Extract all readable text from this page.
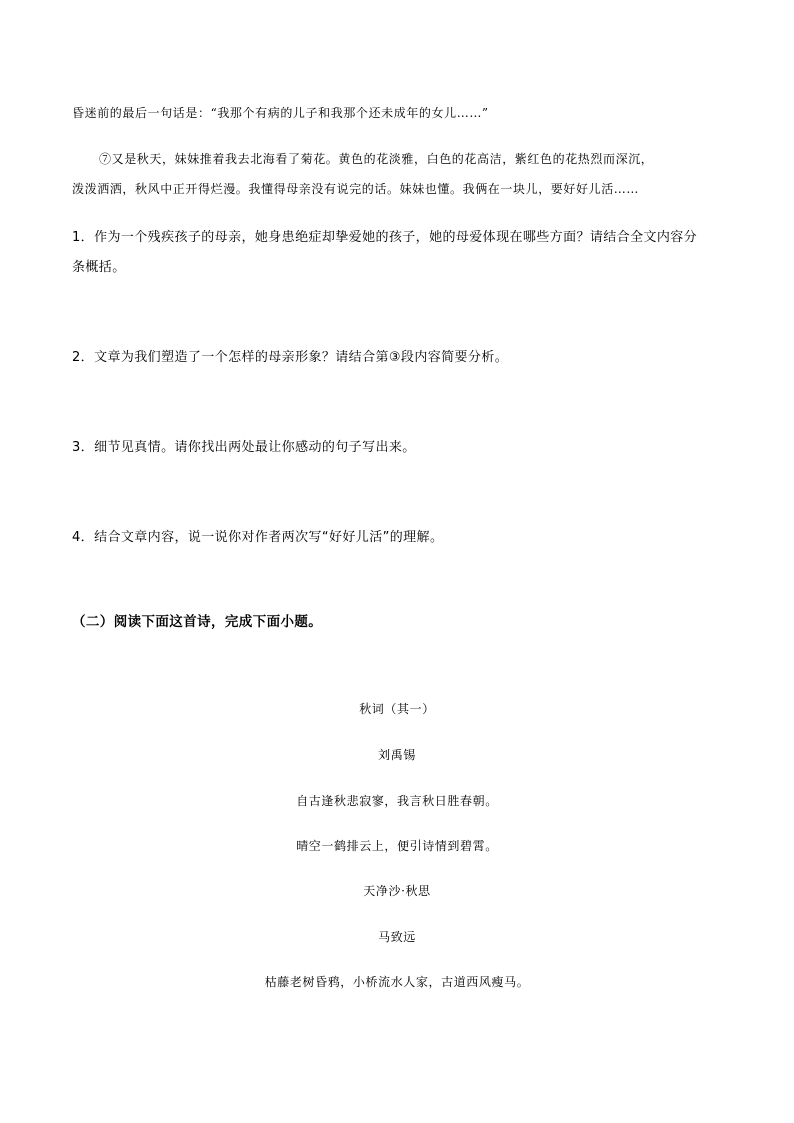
昏迷前的最后一句话是：“我那个有病的儿子和我那个还未成年的女儿……”
⑦又是秋天，妹妹推着我去北海看了菊花。黄色的花淡雅，白色的花高洁，紫红色的花热烈而深沉，
泼泼洒洒，秋风中正开得烂漫。我懂得母亲没有说完的话。妹妹也懂。我俩在一块儿，要好好儿活……
1．作为一个残疾孩子的母亲，她身患绝症却挚爱她的孩子，她的母爱体现在哪些方面？请结合全文内容分
条概括。
2．文章为我们塑造了一个怎样的母亲形象？请结合第③段内容简要分析。
3．细节见真情。请你找出两处最让你感动的句子写出来。
4．结合文章内容，说一说你对作者两次写“好好儿活”的理解。
（二）阅读下面这首诗，完成下面小题。
秋词（其一）
刘禹锡
自古逢秋悲寂寥，我言秋日胜春朝。
晴空一鹤排云上，便引诗情到碧霄。
天净沙·秋思
马致远
枯藤老树昏鸦，小桥流水人家，古道西风瘦马。
